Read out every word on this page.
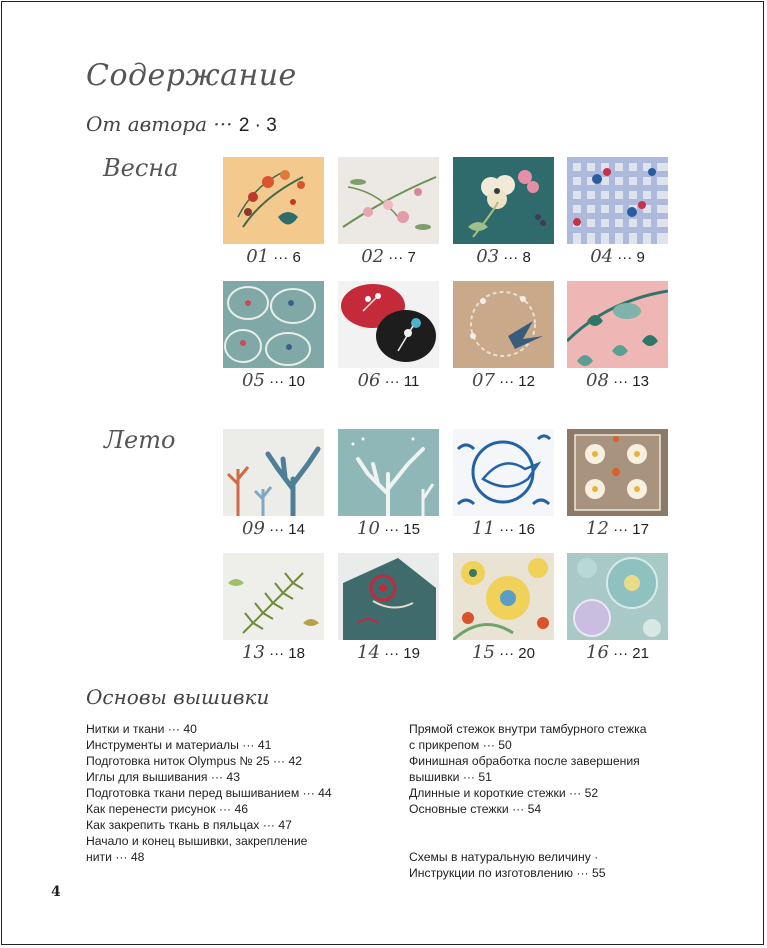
Содержание
От автора ··· 2 · 3
Весна
Лето
01 ··· 6	02 ··· 7	03 ··· 8	04 ··· 9
05 ··· 10	06 ··· 11	07 ··· 12	08 ··· 13
09 ··· 14	10 ··· 15	11 ··· 16	12 ··· 17
13 ··· 18	14 ··· 19	15 ··· 20	16 ··· 21
Основы вышивки
Нитки и ткани ··· 40
Инструменты и материалы ··· 41
Подготовка ниток Olympus № 25 ··· 42
Иглы для вышивания ··· 43
Подготовка ткани перед вышиванием ··· 44
Как перенести рисунок ··· 46
Как закрепить ткань в пяльцах ··· 47
Начало и конец вышивки, закрепление
нити ··· 48
Прямой стежок внутри тамбурного стежка
с прикрепом ··· 50
Финишная обработка после завершения
вышивки ··· 51
Длинные и короткие стежки ··· 52
Основные стежки ··· 54

Схемы в натуральную величину ·
Инструкции по изготовлению ··· 55
4
